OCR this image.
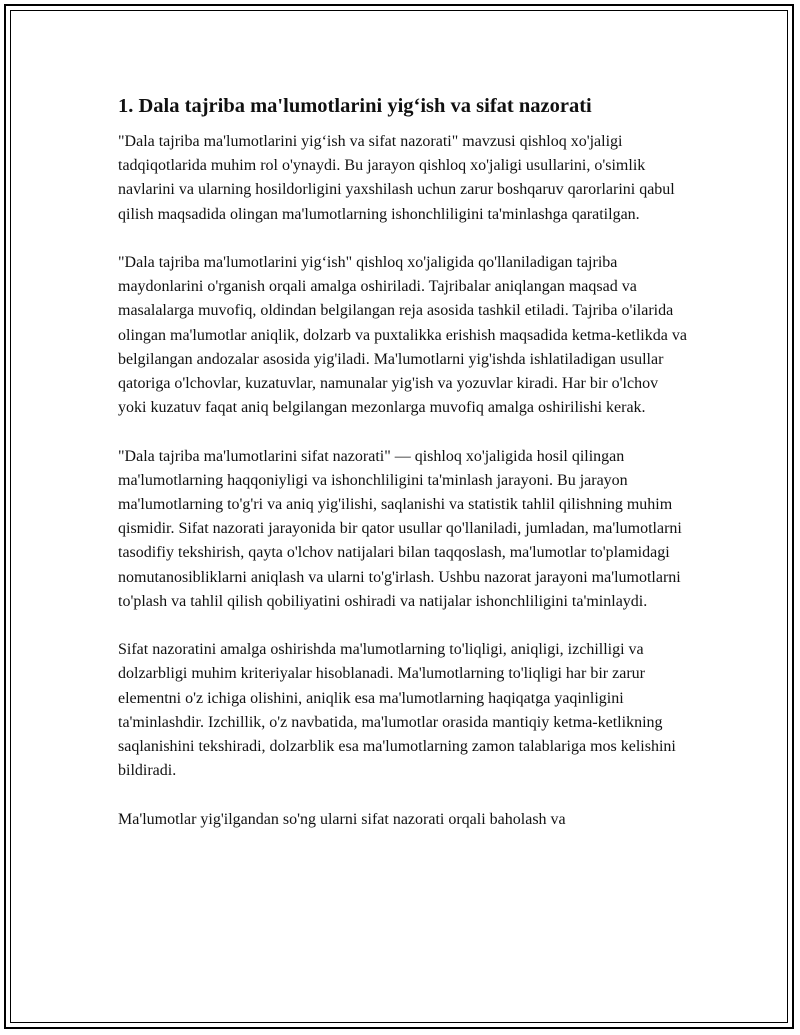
1. Dala tajriba ma'lumotlarini yig‘ish va sifat nazorati

"Dala tajriba ma'lumotlarini yig‘ish va sifat nazorati" mavzusi qishloq xo'jaligi tadqiqotlarida muhim rol o'ynaydi. Bu jarayon qishloq xo'jaligi usullarini, o'simlik navlarini va ularning hosildorligini yaxshilash uchun zarur boshqaruv qarorlarini qabul qilish maqsadida olingan ma'lumotlarning ishonchliligini ta'minlashga qaratilgan.

"Dala tajriba ma'lumotlarini yig‘ish" qishloq xo'jaligida qo'llaniladigan tajriba maydonlarini o'rganish orqali amalga oshiriladi. Tajribalar aniqlangan maqsad va masalalarga muvofiq, oldindan belgilangan reja asosida tashkil etiladi. Tajriba o'ilarida olingan ma'lumotlar aniqlik, dolzarb va puxtalikka erishish maqsadida ketma-ketlikda va belgilangan andozalar asosida yig'iladi. Ma'lumotlarni yig'ishda ishlatiladigan usullar qatoriga o'lchovlar, kuzatuvlar, namunalar yig'ish va yozuvlar kiradi. Har bir o'lchov yoki kuzatuv faqat aniq belgilangan mezonlarga muvofiq amalga oshirilishi kerak.

"Dala tajriba ma'lumotlarini sifat nazorati" — qishloq xo'jaligida hosil qilingan ma'lumotlarning haqqoniyligi va ishonchliligini ta'minlash jarayoni. Bu jarayon ma'lumotlarning to'g'ri va aniq yig'ilishi, saqlanishi va statistik tahlil qilishning muhim qismidir. Sifat nazorati jarayonida bir qator usullar qo'llaniladi, jumladan, ma'lumotlarni tasodifiy tekshirish, qayta o'lchov natijalari bilan taqqoslash, ma'lumotlar to'plamidagi nomutanosibliklarni aniqlash va ularni to'g'irlash. Ushbu nazorat jarayoni ma'lumotlarni to'plash va tahlil qilish qobiliyatini oshiradi va natijalar ishonchliligini ta'minlaydi.

Sifat nazoratini amalga oshirishda ma'lumotlarning to'liqligi, aniqligi, izchilligi va dolzarbligi muhim kriteriyalar hisoblanadi. Ma'lumotlarning to'liqligi har bir zarur elementni o'z ichiga olishini, aniqlik esa ma'lumotlarning haqiqatga yaqinligini ta'minlashdir. Izchillik, o'z navbatida, ma'lumotlar orasida mantiqiy ketma-ketlikning saqlanishini tekshiradi, dolzarblik esa ma'lumotlarning zamon talablariga mos kelishini bildiradi.

Ma'lumotlar yig'ilgandan so'ng ularni sifat nazorati orqali baholash va
